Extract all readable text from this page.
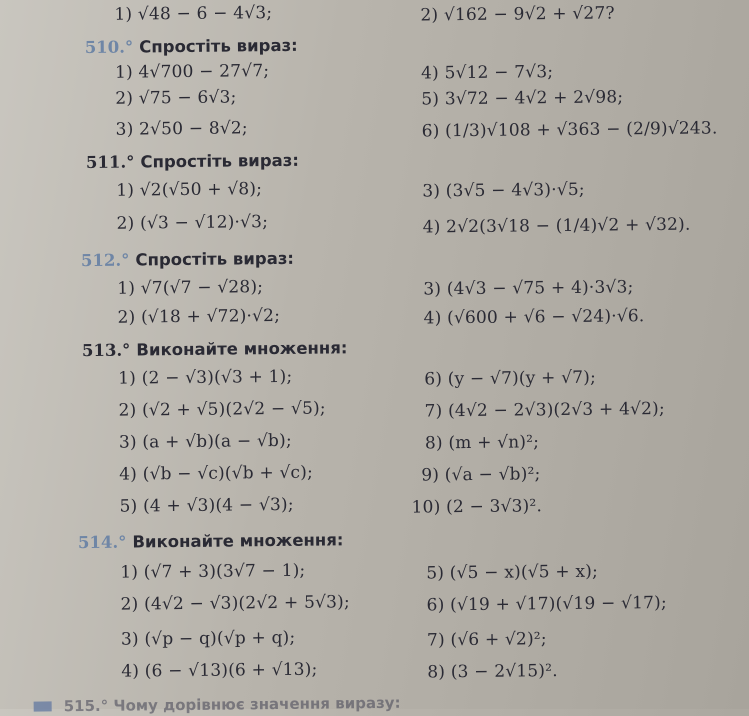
1) √48 − 6 − 4√3;	2) √162 − 9√2 + √27?
510.° Спростіть вираз:
1) 4√700 − 27√7;	4) 5√12 − 7√3;
2) √75 − 6√3;	5) 3√72 − 4√2 + 2√98;
3) 2√50 − 8√2;	6) (1/3)√108 + √363 − (2/9)√243.
511.° Спростіть вираз:
1) √2(√50 + √8);	3) (3√5 − 4√3)·√5;
2) (√3 − √12)·√3;	4) 2√2(3√18 − (1/4)√2 + √32).
512.° Спростіть вираз:
1) √7(√7 − √28);	3) (4√3 − √75 + 4)·3√3;
2) (√18 + √72)·√2;	4) (√600 + √6 − √24)·√6.
513.° Виконайте множення:
1) (2 − √3)(√3 + 1);	6) (y − √7)(y + √7);
2) (√2 + √5)(2√2 − √5);	7) (4√2 − 2√3)(2√3 + 4√2);
3) (a + √b)(a − √b);	8) (m + √n)²;
4) (√b − √c)(√b + √c);	9) (√a − √b)²;
5) (4 + √3)(4 − √3);	10) (2 − 3√3)².
514.° Виконайте множення:
1) (√7 + 3)(3√7 − 1);	5) (√5 − x)(√5 + x);
2) (4√2 − √3)(2√2 + 5√3);	6) (√19 + √17)(√19 − √17);
3) (√p − q)(√p + q);	7) (√6 + √2)²;
4) (6 − √13)(6 + √13);	8) (3 − 2√15)².
515.° Чому дорівнює значення виразу:
